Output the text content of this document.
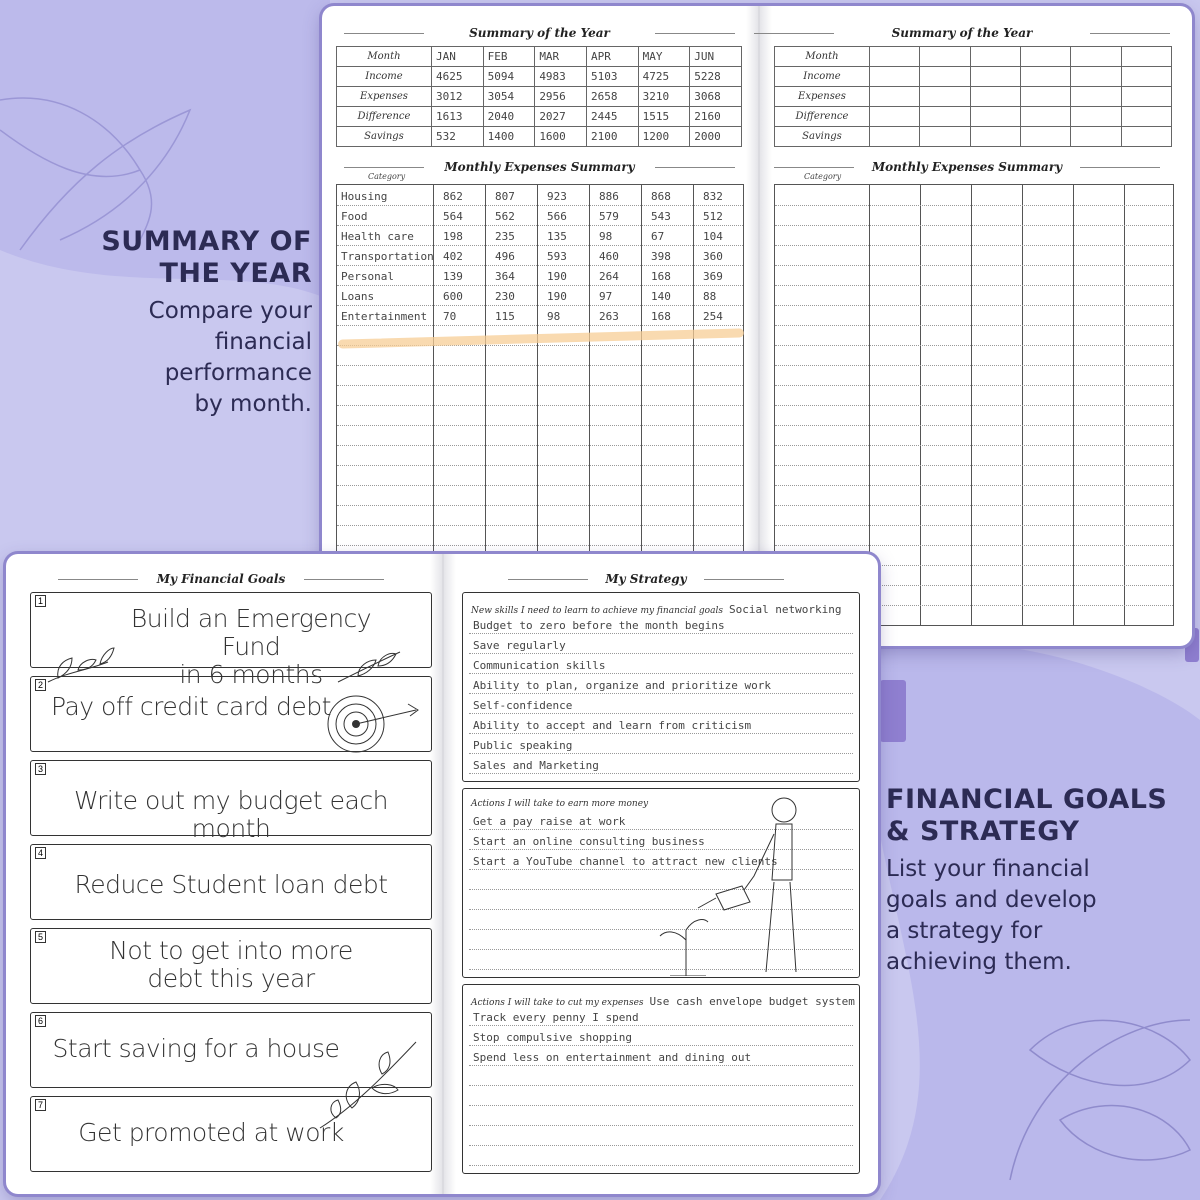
SUMMARY OF
THE YEAR

Compare your
financial
performance
by month.

FINANCIAL GOALS
& STRATEGY

List your financial
goals and develop
a strategy for
achieving them.

Summary of the Year
Month	JAN	FEB	MAR	APR	MAY	JUN
Income	4625	5094	4983	5103	4725	5228
Expenses	3012	3054	2956	2658	3210	3068
Difference	1613	2040	2027	2445	1515	2160
Savings	532	1400	1600	2100	1200	2000
Summary of the Year
Month						
Income						
Expenses						
Difference						
Savings						
Monthly Expenses Summary
Category
Housing	862	807	923	886	868	832
Food	564	562	566	579	543	512
Health care	198	235	135	98	67	104
Transportation 402	496	593	460	398	360
Personal	139	364	190	264	168	369
Loans	600	230	190	97	140	88
Entertainment 70	115	98	263	168	254
Monthly Expenses Summary
Category
My Financial Goals
1
Build an Emergency Fund
in 6 months
2
Pay off credit card debt
3
Write out my budget each month
4
Reduce Student loan debt
5	Not to get into more
debt this year
6
Start saving for a house
7
Get promoted at work
My Strategy
New skills I need to learn to achieve my financial goals Social networking
Budget to zero before the month begins
Save regularly
Communication skills
Ability to plan, organize and prioritize work
Self-confidence
Ability to accept and learn from criticism
Public speaking
Sales and Marketing
Actions I will take to earn more money
Get a pay raise at work
Start an online consulting business
Start a YouTube channel to attract new clients
Actions I will take to cut my expenses Use cash envelope budget system
Track every penny I spend
Stop compulsive shopping
Spend less on entertainment and dining out
